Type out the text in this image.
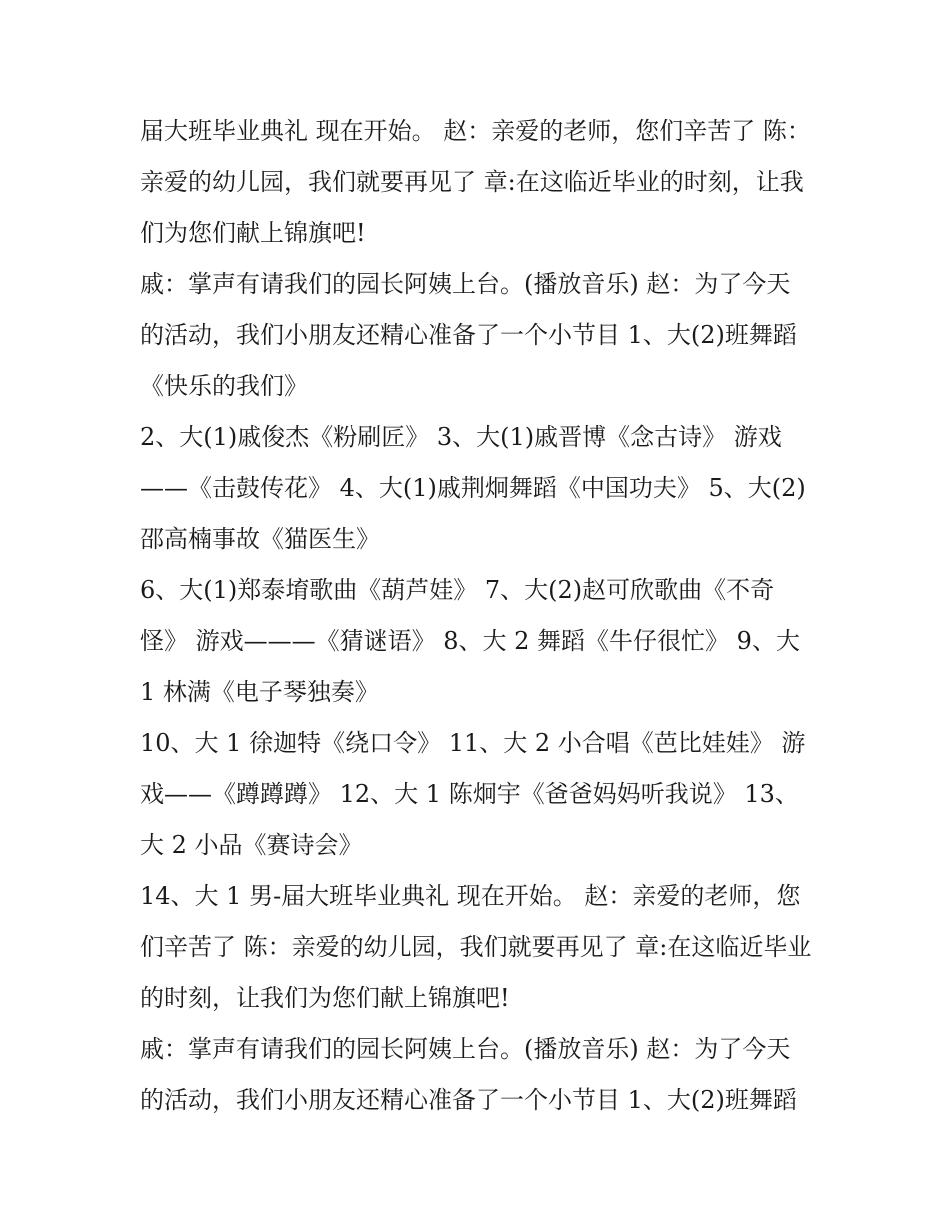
届大班毕业典礼 现在开始。 赵：亲爱的老师，您们辛苦了 陈：亲爱的幼儿园，我们就要再见了 章:在这临近毕业的时刻，让我们为您们献上锦旗吧!

戚：掌声有请我们的园长阿姨上台。(播放音乐) 赵：为了今天的活动，我们小朋友还精心准备了一个小节目 1、大(2)班舞蹈《快乐的我们》

2、大(1)戚俊杰《粉刷匠》 3、大(1)戚晋博《念古诗》 游戏——《击鼓传花》 4、大(1)戚荆炯舞蹈《中国功夫》 5、大(2)邵高楠事故《猫医生》

6、大(1)郑泰堉歌曲《葫芦娃》 7、大(2)赵可欣歌曲《不奇怪》 游戏———《猜谜语》 8、大 2 舞蹈《牛仔很忙》 9、大 1 林满《电子琴独奏》

10、大 1 徐迦特《绕口令》 11、大 2 小合唱《芭比娃娃》 游戏——《蹲蹲蹲》 12、大 1 陈炯宇《爸爸妈妈听我说》 13、大 2 小品《赛诗会》

14、大 1 男-届大班毕业典礼 现在开始。 赵：亲爱的老师，您们辛苦了 陈：亲爱的幼儿园，我们就要再见了 章:在这临近毕业的时刻，让我们为您们献上锦旗吧!

戚：掌声有请我们的园长阿姨上台。(播放音乐) 赵：为了今天的活动，我们小朋友还精心准备了一个小节目 1、大(2)班舞蹈
